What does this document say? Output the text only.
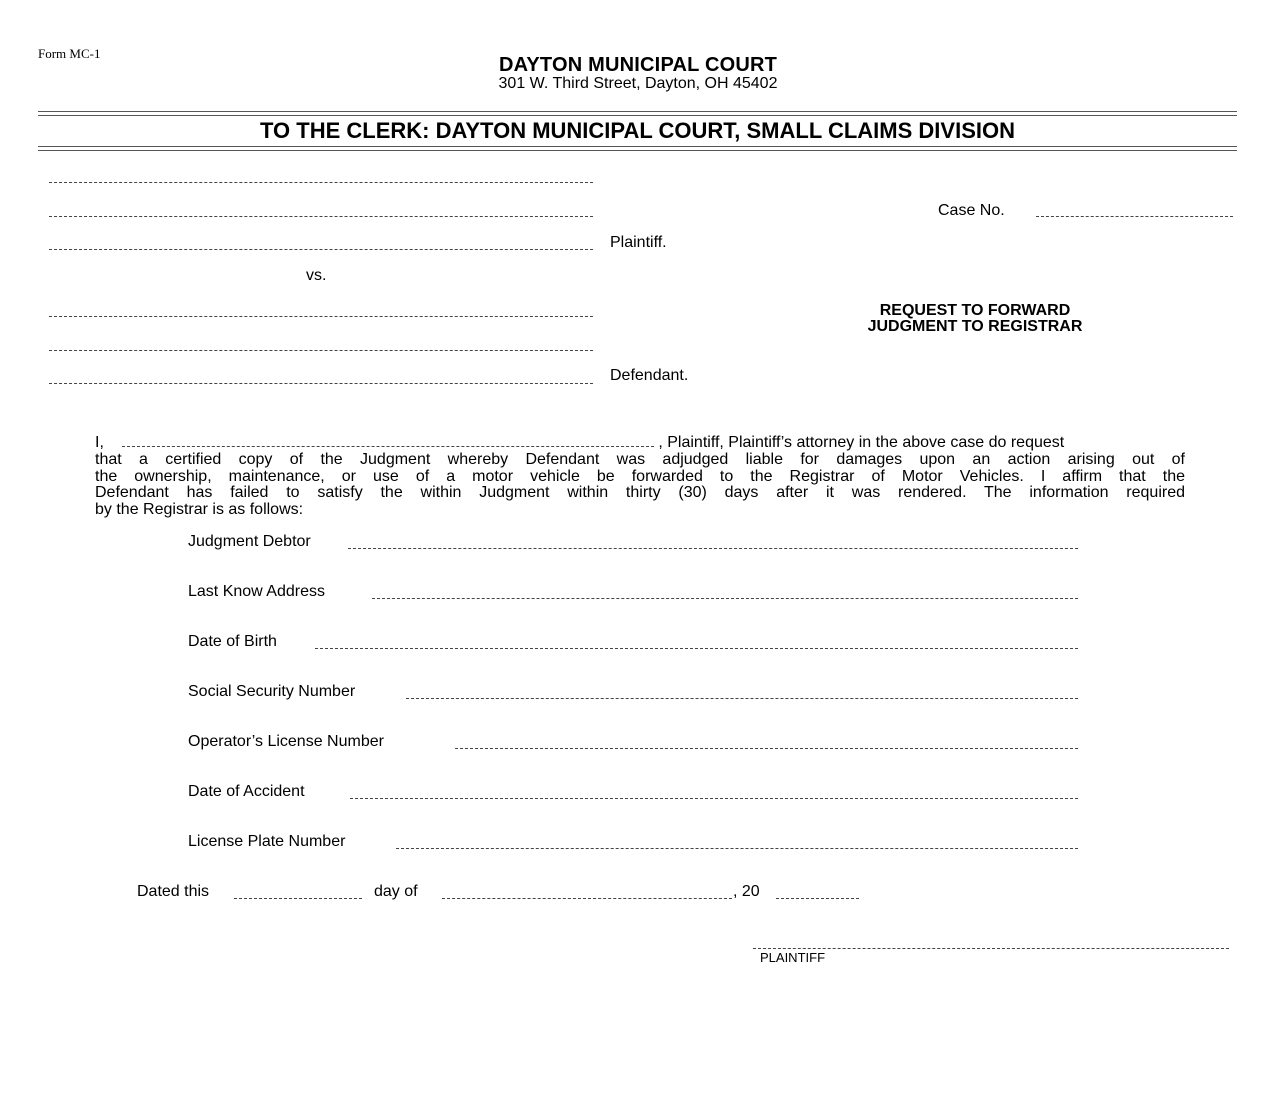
Form MC-1
DAYTON MUNICIPAL COURT
301 W. Third Street, Dayton, OH 45402
TO THE CLERK: DAYTON MUNICIPAL COURT, SMALL CLAIMS DIVISION
Plaintiff.
vs.
Defendant.
Case No.
REQUEST TO FORWARD
JUDGMENT TO REGISTRAR
I,	, Plaintiff, Plaintiff’s attorney in the above case do request
that a certified copy of the Judgment whereby Defendant was adjudged liable for damages upon an action arising out of
the ownership, maintenance, or use of a motor vehicle be forwarded to the Registrar of Motor Vehicles. I affirm that the
Defendant has failed to satisfy the within Judgment within thirty (30) days after it was rendered. The information required
by the Registrar is as follows:
Judgment Debtor
Last Know Address
Date of Birth
Social Security Number
Operator’s License Number
Date of Accident
License Plate Number
Dated this	day of	, 20
PLAINTIFF
